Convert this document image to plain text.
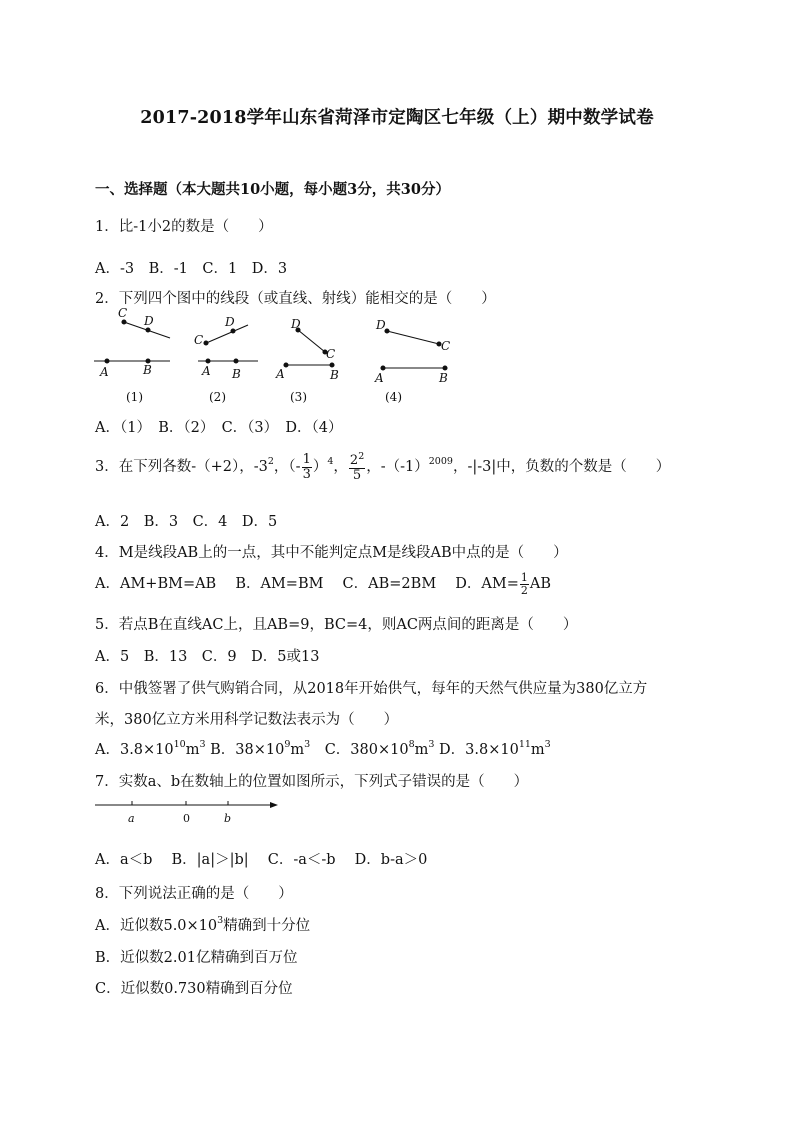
2017-2018学年山东省菏泽市定陶区七年级（上）期中数学试卷
一、选择题（本大题共10小题，每小题3分，共30分）
1．比-1小2的数是（　　）
A．-3　B．-1　C．1　D．3
2．下列四个图中的线段（或直线、射线）能相交的是（　　）
C
D
A	B
C
D
A B
D
C
A	B
D
C
A	B
(1)	(2)	(3)	(4)
A．（1）　B．（2）　C．（3）　D．（4）
3．在下列各数-（+2），$-3^2$，（- $\frac{1}{3} )^4$， $\frac{2^2}{5}$ ，$-(-1)^{2009}$，-|-3|中，负数的个数是（　　）
A．2　B．3　C．4　D．5
4．M是线段AB上的一点，其中不能判定点M是线段AB中点的是（　　）
A．AM+BM=AB　 B．AM=BM　 C．AB=2BM　 D．$AM= \frac{1}{2}$ AB
5．若点B在直线AC上，且AB=9，BC=4，则AC两点间的距离是（　　）
A．5　B．13　C．9　D．5或13
6．中俄签署了供气购销合同，从2018年开始供气，每年的天然气供应量为380亿立方
米，380亿立方米用科学记数法表示为（　　）
A．$3.8\times 10^{10}m^3$ B．$38\times 10^9m^3$　C．$380\times 10^8m^3$ D．$3.8\times 10^{11}m^3$
7．实数a、b在数轴上的位置如图所示，下列式子错误的是（　　）
a	0	b
A．a＜b　 B．|a|＞|b|　 C．-a＜-b　 D．b-a＞0
8．下列说法正确的是（　　）
A．近似数$5.0\times 10^3$精确到十分位
B．近似数2.01亿精确到百万位
C．近似数0.730精确到百分位
